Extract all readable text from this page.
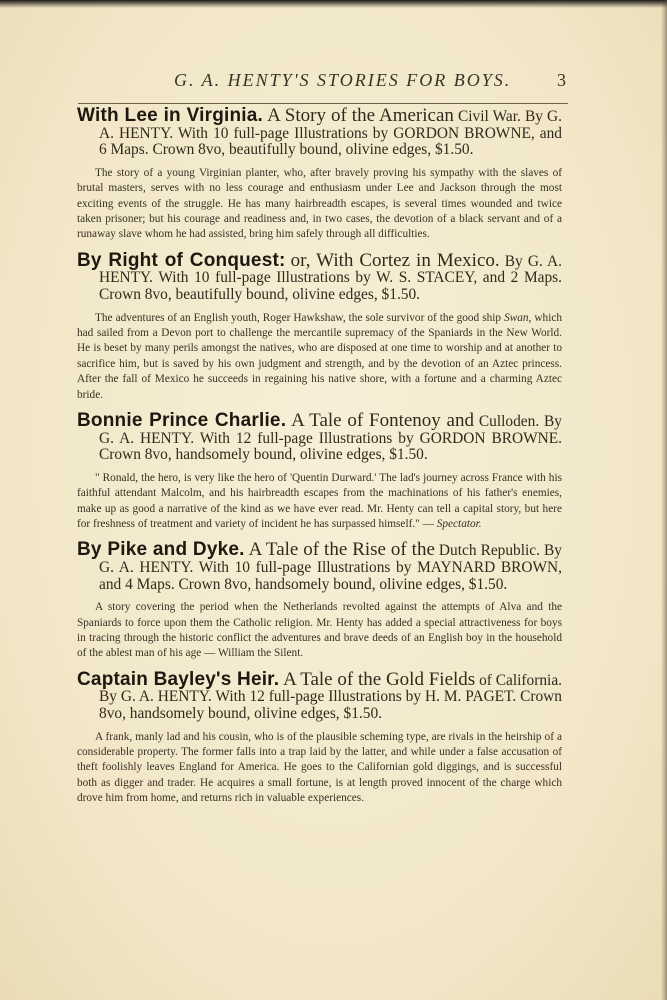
G. A. HENTY'S STORIES FOR BOYS.	3
With Lee in Virginia. A Story of the American Civil War. By G. A. HENTY. With 10 full-page Illustrations by GORDON BROWNE, and 6 Maps. Crown 8vo, beautifully bound, olivine edges, $1.50.
The story of a young Virginian planter, who, after bravely proving his sympathy with the slaves of brutal masters, serves with no less courage and enthusiasm under Lee and Jackson through the most exciting events of the struggle. He has many hairbreadth escapes, is several times wounded and twice taken prisoner; but his courage and readiness and, in two cases, the devotion of a black servant and of a runaway slave whom he had assisted, bring him safely through all difficulties.
By Right of Conquest: or, With Cortez in Mexico. By G. A. HENTY. With 10 full-page Illustrations by W. S. STACEY, and 2 Maps. Crown 8vo, beautifully bound, olivine edges, $1.50.
The adventures of an English youth, Roger Hawkshaw, the sole survivor of the good ship Swan, which had sailed from a Devon port to challenge the mercantile supremacy of the Spaniards in the New World. He is beset by many perils amongst the natives, who are disposed at one time to worship and at another to sacrifice him, but is saved by his own judgment and strength, and by the devotion of an Aztec princess. After the fall of Mexico he succeeds in regaining his native shore, with a fortune and a charming Aztec bride.
Bonnie Prince Charlie. A Tale of Fontenoy and Culloden. By G. A. HENTY. With 12 full-page Illustrations by GORDON BROWNE. Crown 8vo, handsomely bound, olivine edges, $1.50.
" Ronald, the hero, is very like the hero of 'Quentin Durward.' The lad's journey across France with his faithful attendant Malcolm, and his hairbreadth escapes from the machinations of his father's enemies, make up as good a narrative of the kind as we have ever read. Mr. Henty can tell a capital story, but here for freshness of treatment and variety of incident he has surpassed himself." — Spectator.
By Pike and Dyke. A Tale of the Rise of the Dutch Republic. By G. A. HENTY. With 10 full-page Illustrations by MAYNARD BROWN, and 4 Maps. Crown 8vo, handsomely bound, olivine edges, $1.50.
A story covering the period when the Netherlands revolted against the attempts of Alva and the Spaniards to force upon them the Catholic religion. Mr. Henty has added a special attractiveness for boys in tracing through the historic conflict the adventures and brave deeds of an English boy in the household of the ablest man of his age — William the Silent.
Captain Bayley's Heir. A Tale of the Gold Fields of California. By G. A. HENTY. With 12 full-page Illustrations by H. M. PAGET. Crown 8vo, handsomely bound, olivine edges, $1.50.
A frank, manly lad and his cousin, who is of the plausible scheming type, are rivals in the heirship of a considerable property. The former falls into a trap laid by the latter, and while under a false accusation of theft foolishly leaves England for America. He goes to the Californian gold diggings, and is successful both as digger and trader. He acquires a small fortune, is at length proved innocent of the charge which drove him from home, and returns rich in valuable experiences.
